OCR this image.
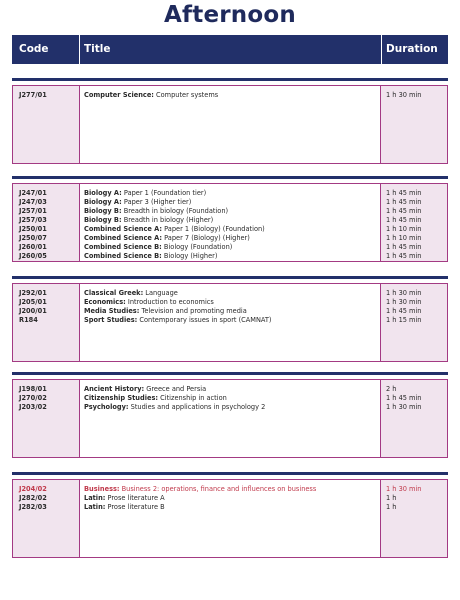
Afternoon
Code	Title	Duration
J277/01	Computer Science: Computer systems	1 h 30 min
J247/01	Biology A: Paper 1 (Foundation tier)	1 h 45 min
J247/03	Biology A: Paper 3 (Higher tier)	1 h 45 min
J257/01	Biology B: Breadth in biology (Foundation)	1 h 45 min
J257/03	Biology B: Breadth in biology (Higher)	1 h 45 min
J250/01	Combined Science A: Paper 1 (Biology) (Foundation)	1 h 10 min
J250/07	Combined Science A: Paper 7 (Biology) (Higher)	1 h 10 min
J260/01	Combined Science B: Biology (Foundation)	1 h 45 min
J260/05	Combined Science B: Biology (Higher)	1 h 45 min
J292/01	Classical Greek: Language	1 h 30 min
J205/01	Economics: Introduction to economics	1 h 30 min
J200/01	Media Studies: Television and promoting media	1 h 45 min
R184	Sport Studies: Contemporary issues in sport (CAMNAT)	1 h 15 min
J198/01	Ancient History: Greece and Persia	2 h
J270/02	Citizenship Studies: Citizenship in action	1 h 45 min
J203/02	Psychology: Studies and applications in psychology 2	1 h 30 min
J204/02	Business: Business 2: operations, finance and influences on business	1 h 30 min
J282/02	Latin: Prose literature A	1 h
J282/03	Latin: Prose literature B	1 h
